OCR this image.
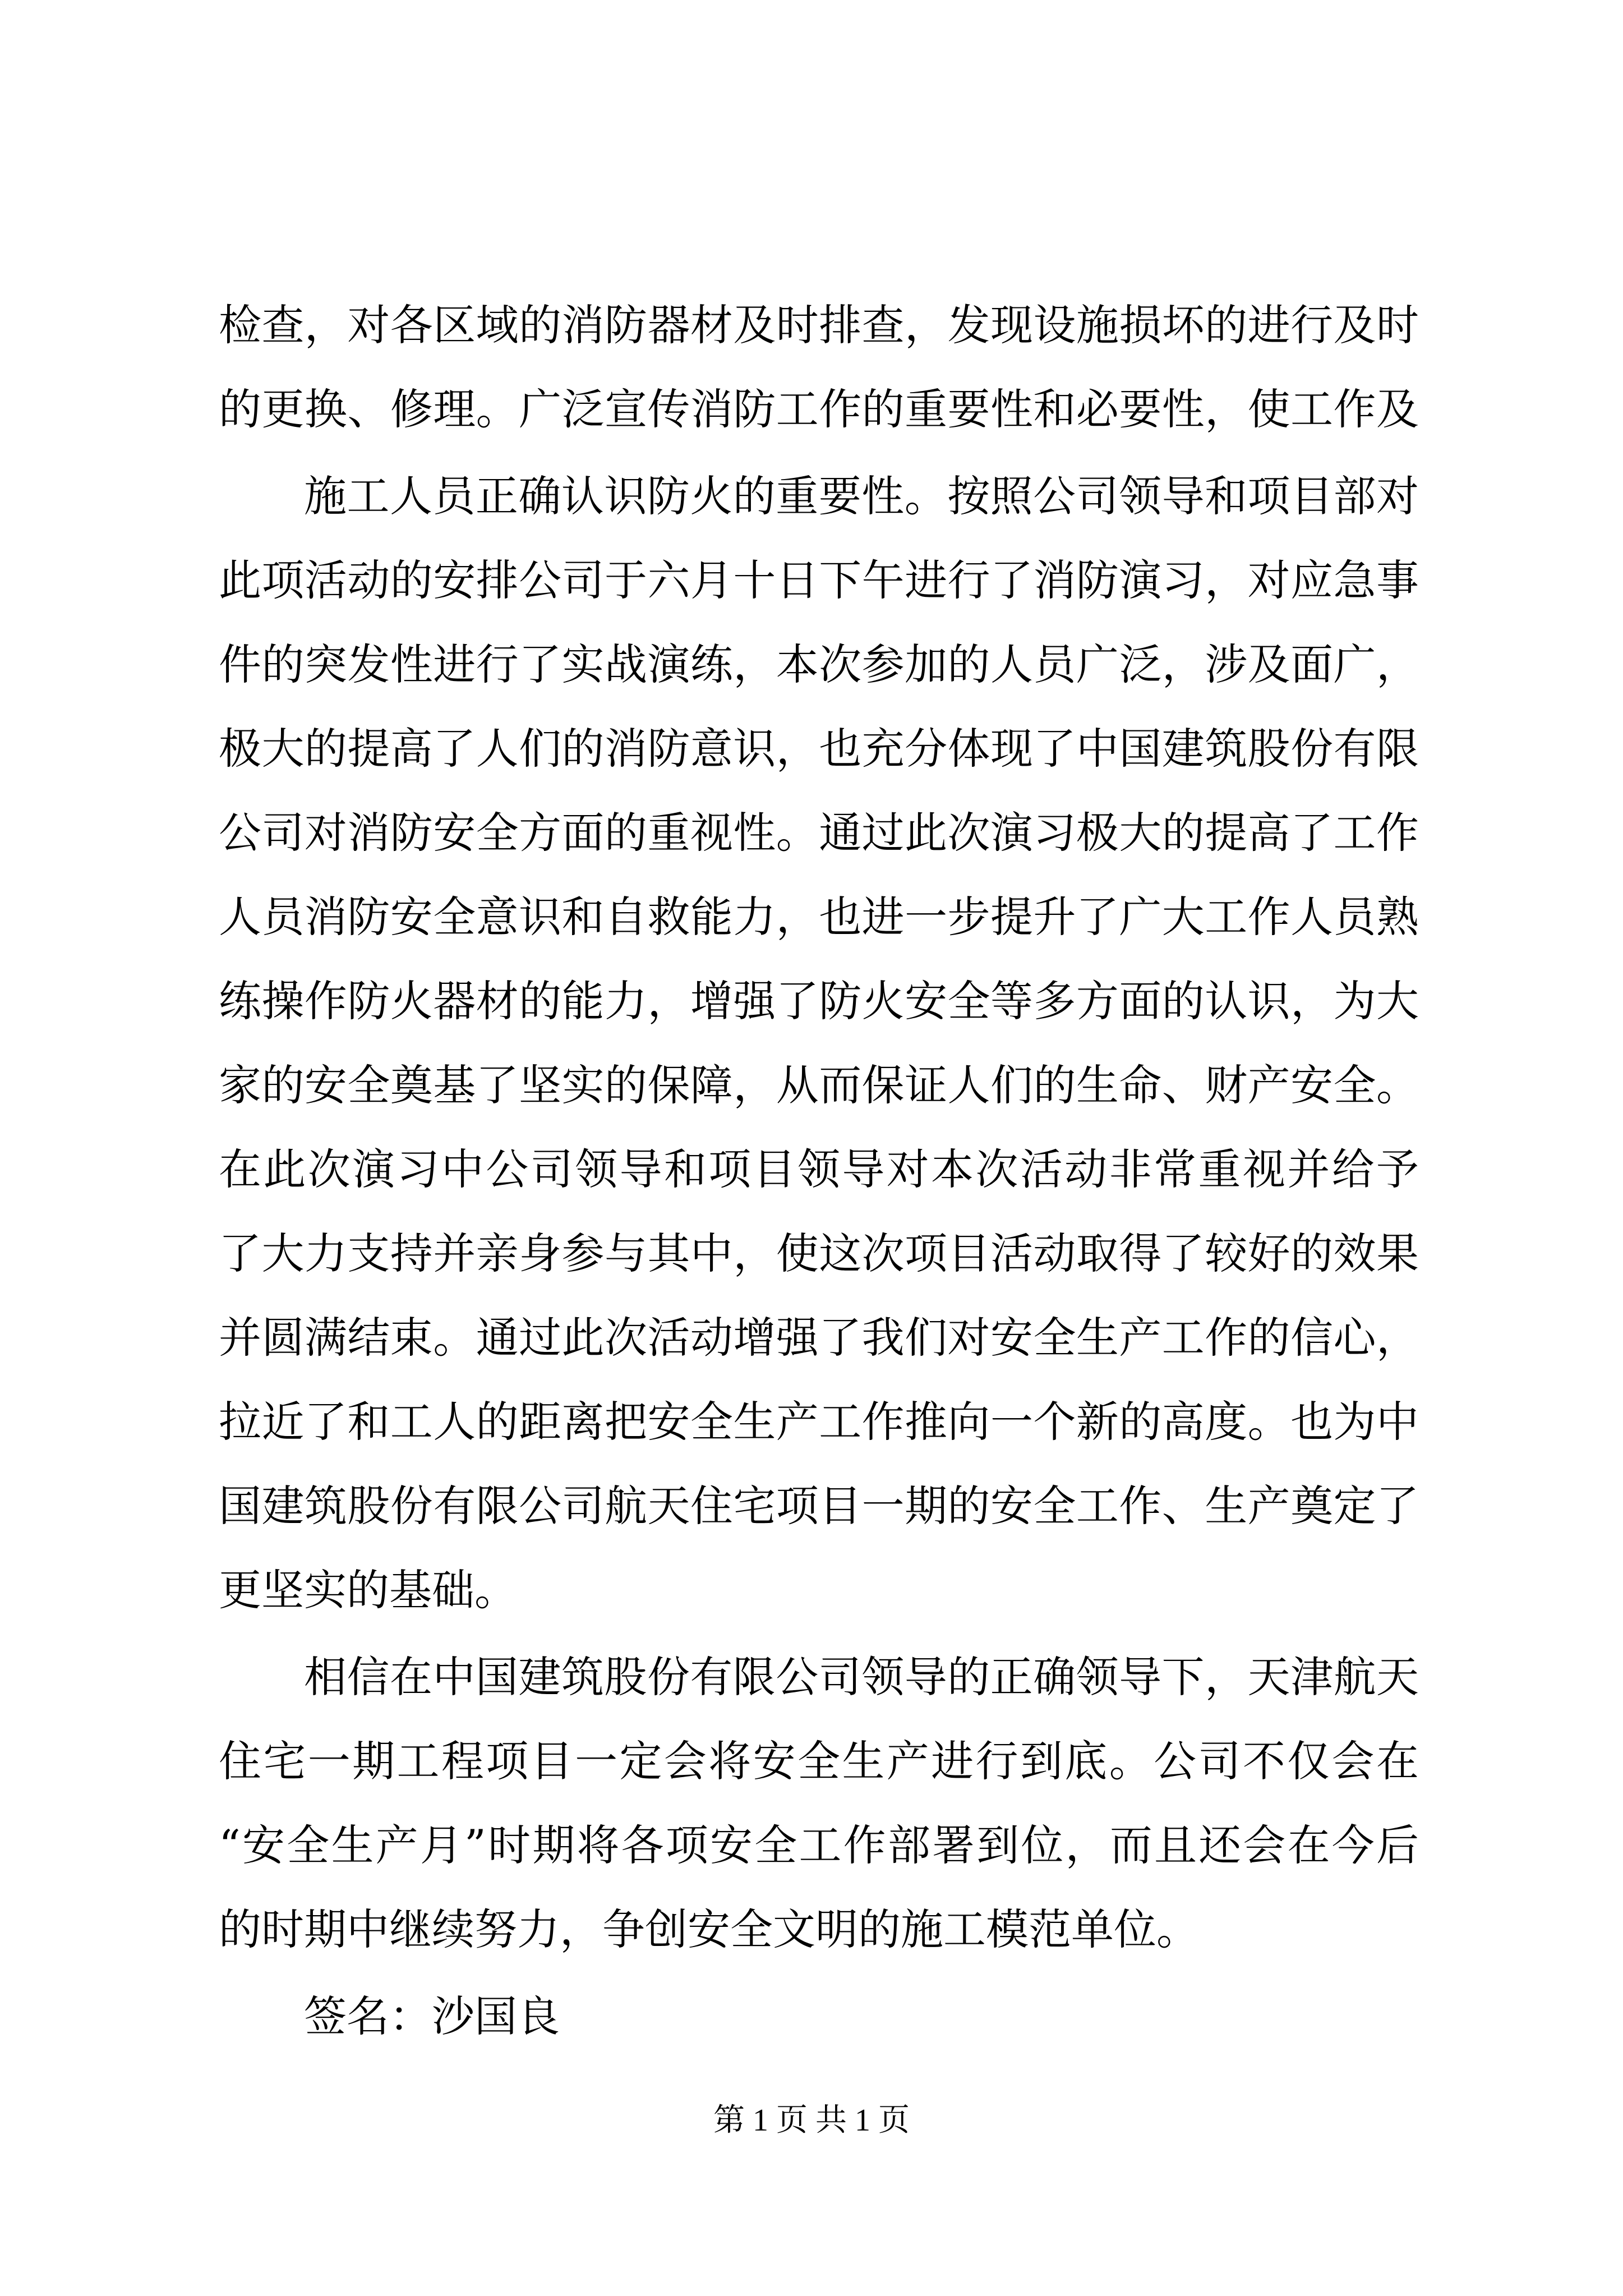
检查，对各区域的消防器材及时排查，发现设施损坏的进行及时
的更换、修理。广泛宣传消防工作的重要性和必要性，使工作及
施工人员正确认识防火的重要性。按照公司领导和项目部对
此项活动的安排公司于六月十日下午进行了消防演习，对应急事
件的突发性进行了实战演练，本次参加的人员广泛，涉及面广，
极大的提高了人们的消防意识，也充分体现了中国建筑股份有限
公司对消防安全方面的重视性。通过此次演习极大的提高了工作
人员消防安全意识和自救能力，也进一步提升了广大工作人员熟
练操作防火器材的能力，增强了防火安全等多方面的认识，为大
家的安全奠基了坚实的保障，从而保证人们的生命、财产安全。
在此次演习中公司领导和项目领导对本次活动非常重视并给予
了大力支持并亲身参与其中，使这次项目活动取得了较好的效果
并圆满结束。通过此次活动增强了我们对安全生产工作的信心，
拉近了和工人的距离把安全生产工作推向一个新的高度。也为中
国建筑股份有限公司航天住宅项目一期的安全工作、生产奠定了
更坚实的基础。
相信在中国建筑股份有限公司领导的正确领导下，天津航天
住宅一期工程项目一定会将安全生产进行到底。公司不仅会在
“安全生产月”时期将各项安全工作部署到位，而且还会在今后
的时期中继续努力，争创安全文明的施工模范单位。
签名：沙国良
第 1 页 共 1 页
